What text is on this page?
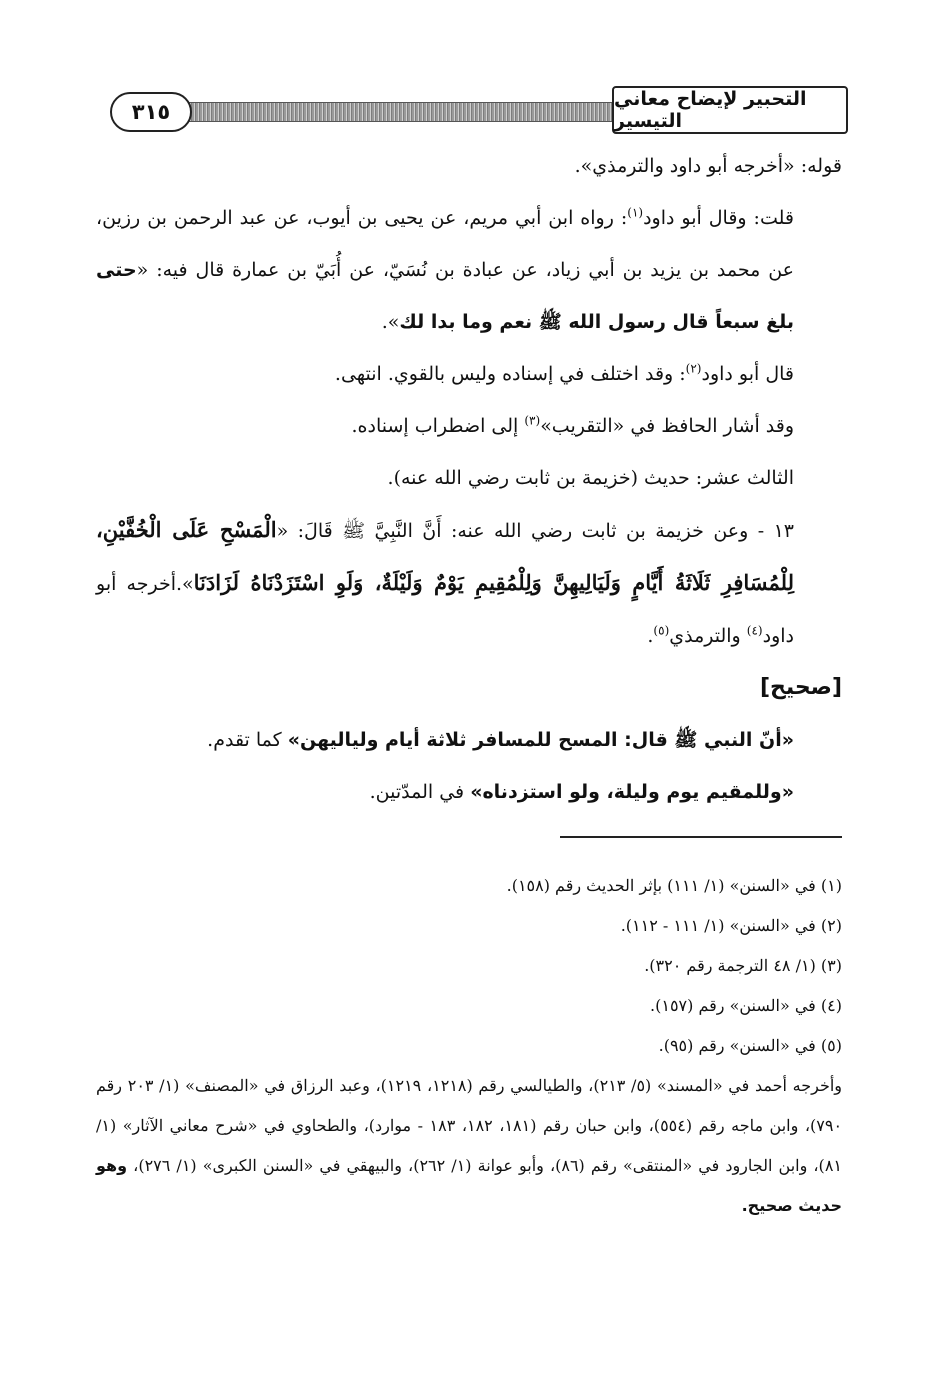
٣١٥
التحبير لإيضاح معاني التيسير

قوله: «أخرجه أبو داود والترمذي».

قلت: وقال أبو داود$^{(١)}$: رواه ابن أبي مريم، عن يحيى بن أيوب، عن عبد الرحمن بن رزين، عن محمد بن يزيد بن أبي زياد، عن عبادة بن نُسَيّ، عن أُبَيّ بن عمارة قال فيه: «حتى بلغ سبعاً قال رسول الله ﷺ نعم وما بدا لك».

قال أبو داود$^{(٢)}$: وقد اختلف في إسناده وليس بالقوي. انتهى.

وقد أشار الحافظ في «التقريب»$^{(٣)}$ إلى اضطراب إسناده.

الثالث عشر: حديث (خزيمة بن ثابت رضي الله عنه).

١٣ - وعن خزيمة بن ثابت رضي الله عنه: أَنَّ النَّبِيَّ ﷺ قَالَ: «الْمَسْحِ عَلَى الْخُفَّيْنِ، لِلْمُسَافِرِ ثَلَاثَةُ أَيَّامٍ وَلَيَالِيهِنَّ وَلِلْمُقِيمِ يَوْمٌ وَلَيْلَةٌ، وَلَوِ اسْتَزَدْنَاهُ لَزَادَنَا».أخرجه أبو داود$^{(٤)}$ والترمذي$^{(٥)}$.

[صحيح]

«أنّ النبي ﷺ قال: المسح للمسافر ثلاثة أيام ولياليهن» كما تقدم.

«وللمقيم يوم وليلة، ولو استزدناه» في المدّتين.

(١) في «السنن» (١/ ١١١) بإثر الحديث رقم (١٥٨).

(٢) في «السنن» (١/ ١١١ - ١١٢).

(٣) (١/ ٤٨ الترجمة رقم ٣٢٠).

(٤) في «السنن» رقم (١٥٧).

(٥) في «السنن» رقم (٩٥).

وأخرجه أحمد في «المسند» (٥/ ٢١٣)، والطيالسي رقم (١٢١٨، ١٢١٩)، وعبد الرزاق في «المصنف» (١/ ٢٠٣ رقم ٧٩٠)، وابن ماجه رقم (٥٥٤)، وابن حبان رقم (١٨١، ١٨٢، ١٨٣ - موارد)، والطحاوي في «شرح معاني الآثار» (١/ ٨١)، وابن الجارود في «المنتقى» رقم (٨٦)، وأبو عوانة (١/ ٢٦٢)، والبيهقي في «السنن الكبرى» (١/ ٢٧٦)، وهو حديث صحيح.
